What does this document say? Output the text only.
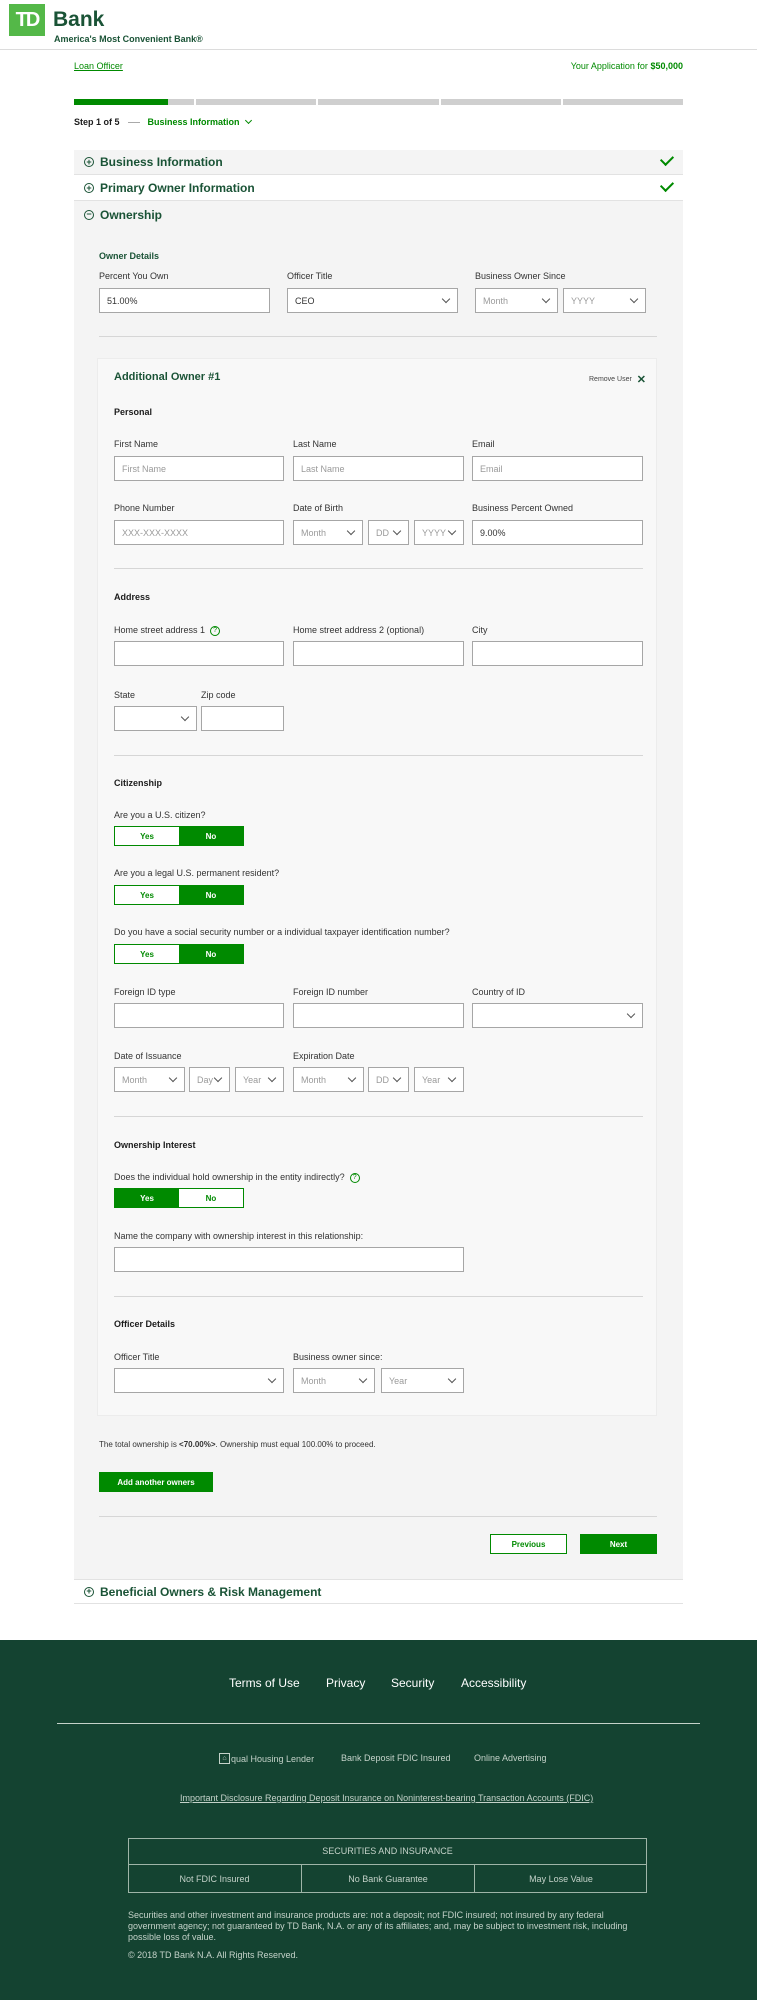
TD Bank
America's Most Convenient Bank®
Loan Officer	Your Application for $50,000
Step 1 of 5	Business Information
+ Business Information
+ Primary Owner Information
− Ownership
Owner Details
Percent You Own
51.00%
Officer Title
CEO
Business Owner Since
Month	YYYY
Additional Owner #1	Remove User ✕
Personal
First Name
First Name
Last Name
Last Name
Email
Email
Phone Number
XXX-XXX-XXXX
Date of Birth
Month	DD	YYYY
Business Percent Owned
9.00%
Address
Home street address 1 ?	Home street address 2 (optional)	City
State	Zip code
Citizenship
Are you a U.S. citizen?
Yes	No
Are you a legal U.S. permanent resident?
Yes	No
Do you have a social security number or a individual taxpayer identification number?
Yes	No
Foreign ID type	Foreign ID number	Country of ID
Date of Issuance
Month	Day	Year
Expiration Date
Month	DD	Year
Ownership Interest
Does the individual hold ownership in the entity indirectly? ?
Yes	No
Name the company with ownership interest in this relationship:
Officer Details
Officer Title	Business owner since:
Month	Year
The total ownership is <70.00%>. Ownership must equal 100.00% to proceed.
Add another owners
Previous	Next
+ Beneficial Owners & Risk Management
Terms of Use Privacy Security Accessibility
⌂ qual Housing Lender	Bank Deposit FDIC Insured	Online Advertising
Important Disclosure Regarding Deposit Insurance on Noninterest-bearing Transaction Accounts (FDIC)
SECURITIES AND INSURANCE
Not FDIC Insured	No Bank Guarantee	May Lose Value
Securities and other investment and insurance products are: not a deposit; not FDIC insured; not insured by any federal government agency; not guaranteed by TD Bank, N.A. or any of its affiliates; and, may be subject to investment risk, including possible loss of value.
© 2018 TD Bank N.A. All Rights Reserved.
